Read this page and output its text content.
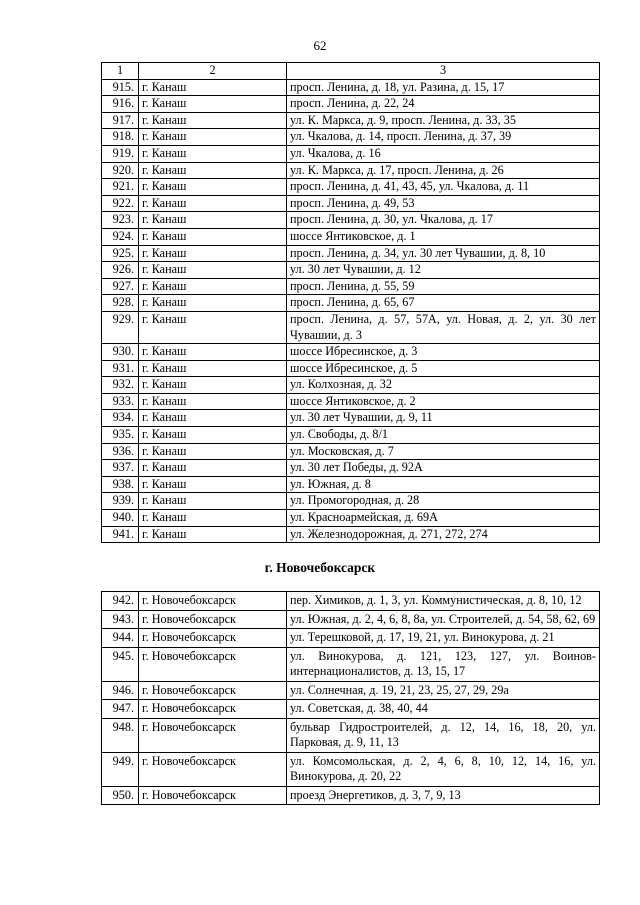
62
1	2	3
915.	г. Канаш	просп. Ленина, д. 18, ул. Разина, д. 15, 17
916.	г. Канаш	просп. Ленина, д. 22, 24
917.	г. Канаш	ул. К. Маркса, д. 9, просп. Ленина, д. 33, 35
918.	г. Канаш	ул. Чкалова, д. 14, просп. Ленина, д. 37, 39
919.	г. Канаш	ул. Чкалова, д. 16
920.	г. Канаш	ул. К. Маркса, д. 17, просп. Ленина, д. 26
921.	г. Канаш	просп. Ленина, д. 41, 43, 45, ул. Чкалова, д. 11
922.	г. Канаш	просп. Ленина, д. 49, 53
923.	г. Канаш	просп. Ленина, д. 30, ул. Чкалова, д. 17
924.	г. Канаш	шоссе Янтиковское, д. 1
925.	г. Канаш	просп. Ленина, д. 34, ул. 30 лет Чувашии, д. 8, 10
926.	г. Канаш	ул. 30 лет Чувашии, д. 12
927.	г. Канаш	просп. Ленина, д. 55, 59
928.	г. Канаш	просп. Ленина, д. 65, 67
929.	г. Канаш	просп. Ленина, д. 57, 57А, ул. Новая, д. 2, ул. 30 лет Чувашии, д. 3
930.	г. Канаш	шоссе Ибресинское, д. 3
931.	г. Канаш	шоссе Ибресинское, д. 5
932.	г. Канаш	ул. Колхозная, д. 32
933.	г. Канаш	шоссе Янтиковское, д. 2
934.	г. Канаш	ул. 30 лет Чувашии, д. 9, 11
935.	г. Канаш	ул. Свободы, д. 8/1
936.	г. Канаш	ул. Московская, д. 7
937.	г. Канаш	ул. 30 лет Победы, д. 92А
938.	г. Канаш	ул. Южная, д. 8
939.	г. Канаш	ул. Промогородная, д. 28
940.	г. Канаш	ул. Красноармейская, д. 69А
941.	г. Канаш	ул. Железнодорожная, д. 271, 272, 274
г. Новочебоксарск
942.	г. Новочебоксарск	пер. Химиков, д. 1, 3, ул. Коммунистическая, д. 8, 10, 12
943.	г. Новочебоксарск	ул. Южная, д. 2, 4, 6, 8, 8а, ул. Строителей, д. 54, 58, 62, 69
944.	г. Новочебоксарск	ул. Терешковой, д. 17, 19, 21, ул. Винокурова, д. 21
945.	г. Новочебоксарск	ул. Винокурова, д. 121, 123, 127, ул. Воинов-интернационалистов, д. 13, 15, 17
946.	г. Новочебоксарск	ул. Солнечная, д. 19, 21, 23, 25, 27, 29, 29а
947.	г. Новочебоксарск	ул. Советская, д. 38, 40, 44
948.	г. Новочебоксарск	бульвар Гидростроителей, д. 12, 14, 16, 18, 20, ул. Парковая, д. 9, 11, 13
949.	г. Новочебоксарск	ул. Комсомольская, д. 2, 4, 6, 8, 10, 12, 14, 16, ул. Винокурова, д. 20, 22
950.	г. Новочебоксарск	проезд Энергетиков, д. 3, 7, 9, 13
